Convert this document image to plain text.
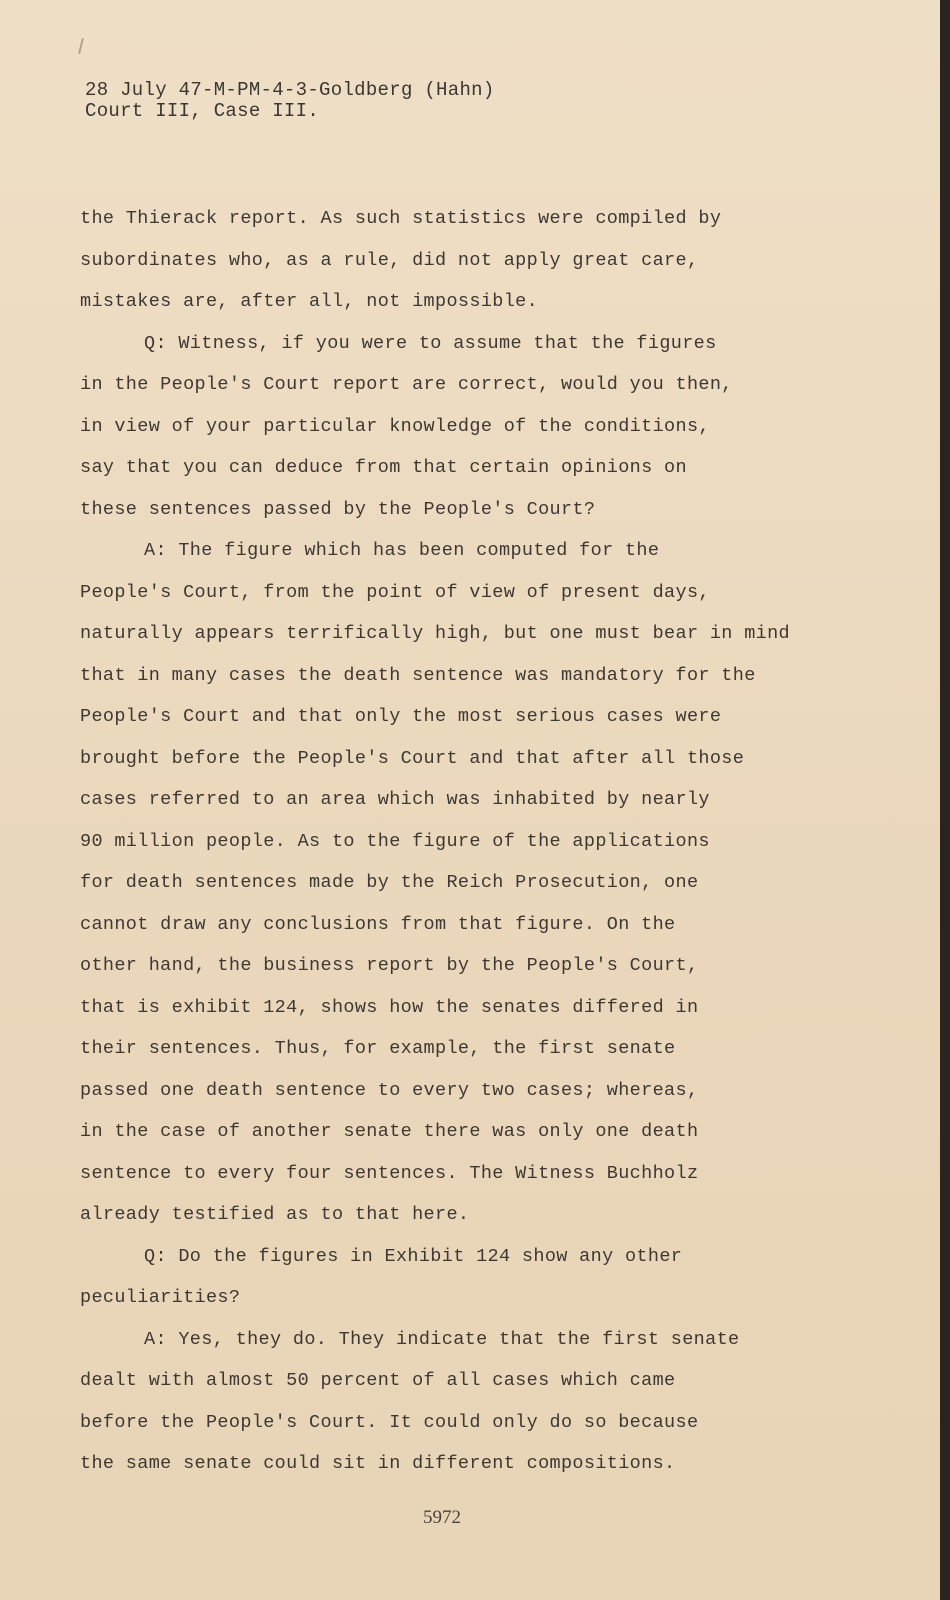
28 July 47-M-PM-4-3-Goldberg (Hahn)
Court III, Case III.
the Thierack report. As such statistics were compiled by
subordinates who, as a rule, did not apply great care,
mistakes are, after all, not impossible.
Q: Witness, if you were to assume that the figures
in the People's Court report are correct, would you then,
in view of your particular knowledge of the conditions,
say that you can deduce from that certain opinions on
these sentences passed by the People's Court?
A: The figure which has been computed for the
People's Court, from the point of view of present days,
naturally appears terrifically high, but one must bear in mind
that in many cases the death sentence was mandatory for the
People's Court and that only the most serious cases were
brought before the People's Court and that after all those
cases referred to an area which was inhabited by nearly
90 million people. As to the figure of the applications
for death sentences made by the Reich Prosecution, one
cannot draw any conclusions from that figure. On the
other hand, the business report by the People's Court,
that is exhibit 124, shows how the senates differed in
their sentences. Thus, for example, the first senate
passed one death sentence to every two cases; whereas,
in the case of another senate there was only one death
sentence to every four sentences. The Witness Buchholz
already testified as to that here.
Q: Do the figures in Exhibit 124 show any other
peculiarities?
A: Yes, they do. They indicate that the first senate
dealt with almost 50 percent of all cases which came
before the People's Court. It could only do so because
the same senate could sit in different compositions.
5972
